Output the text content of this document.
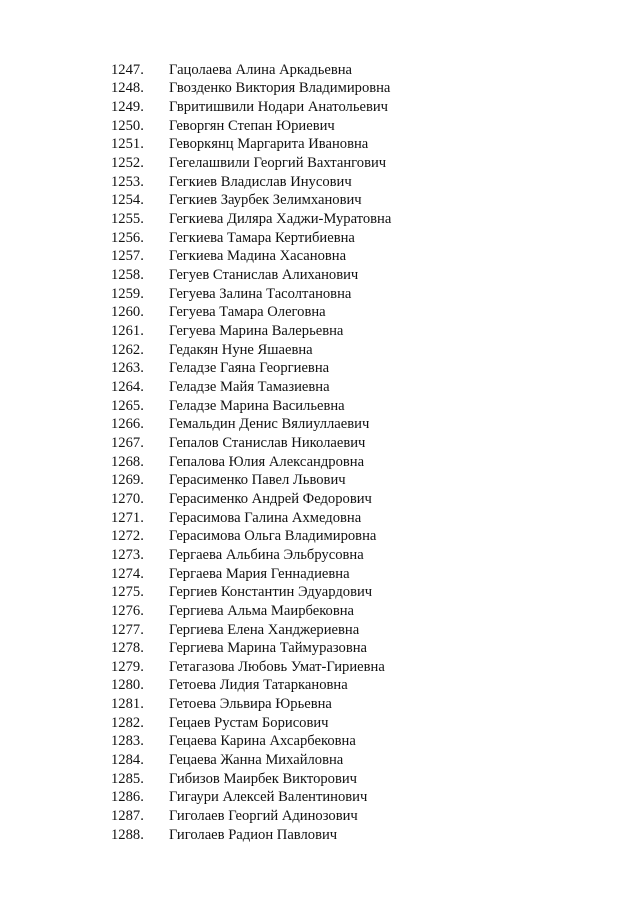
1247.	Гацолаева Алина Аркадьевна
1248.	Гвозденко Виктория Владимировна
1249.	Гвритишвили Нодари Анатольевич
1250.	Геворгян Степан Юриевич
1251.	Геворкянц Маргарита Ивановна
1252.	Гегелашвили Георгий Вахтангович
1253.	Гегкиев Владислав Инусович
1254.	Гегкиев Заурбек Зелимханович
1255.	Гегкиева Диляра Хаджи-Муратовна
1256.	Гегкиева Тамара Кертибиевна
1257.	Гегкиева Мадина Хасановна
1258.	Гегуев Станислав Алиханович
1259.	Гегуева Залина Тасолтановна
1260.	Гегуева Тамара Олеговна
1261.	Гегуева Марина Валерьевна
1262.	Гедакян Нуне Яшаевна
1263.	Геладзе Гаяна Георгиевна
1264.	Геладзе Майя Тамазиевна
1265.	Геладзе Марина Васильевна
1266.	Гемальдин Денис Вялиуллаевич
1267.	Гепалов Станислав Николаевич
1268.	Гепалова Юлия Александровна
1269.	Герасименко Павел Львович
1270.	Герасименко Андрей Федорович
1271.	Герасимова Галина Ахмедовна
1272.	Герасимова Ольга Владимировна
1273.	Гергаева Альбина Эльбрусовна
1274.	Гергаева Мария Геннадиевна
1275.	Гергиев Константин Эдуардович
1276.	Гергиева Альма Маирбековна
1277.	Гергиева Елена Ханджериевна
1278.	Гергиева Марина Таймуразовна
1279.	Гетагазова Любовь Умат-Гириевна
1280.	Гетоева Лидия Татаркановна
1281.	Гетоева Эльвира Юрьевна
1282.	Гецаев Рустам Борисович
1283.	Гецаева Карина Ахсарбековна
1284.	Гецаева Жанна Михайловна
1285.	Гибизов Маирбек Викторович
1286.	Гигаури Алексей Валентинович
1287.	Гиголаев Георгий Адинозович
1288.	Гиголаев Радион Павлович
